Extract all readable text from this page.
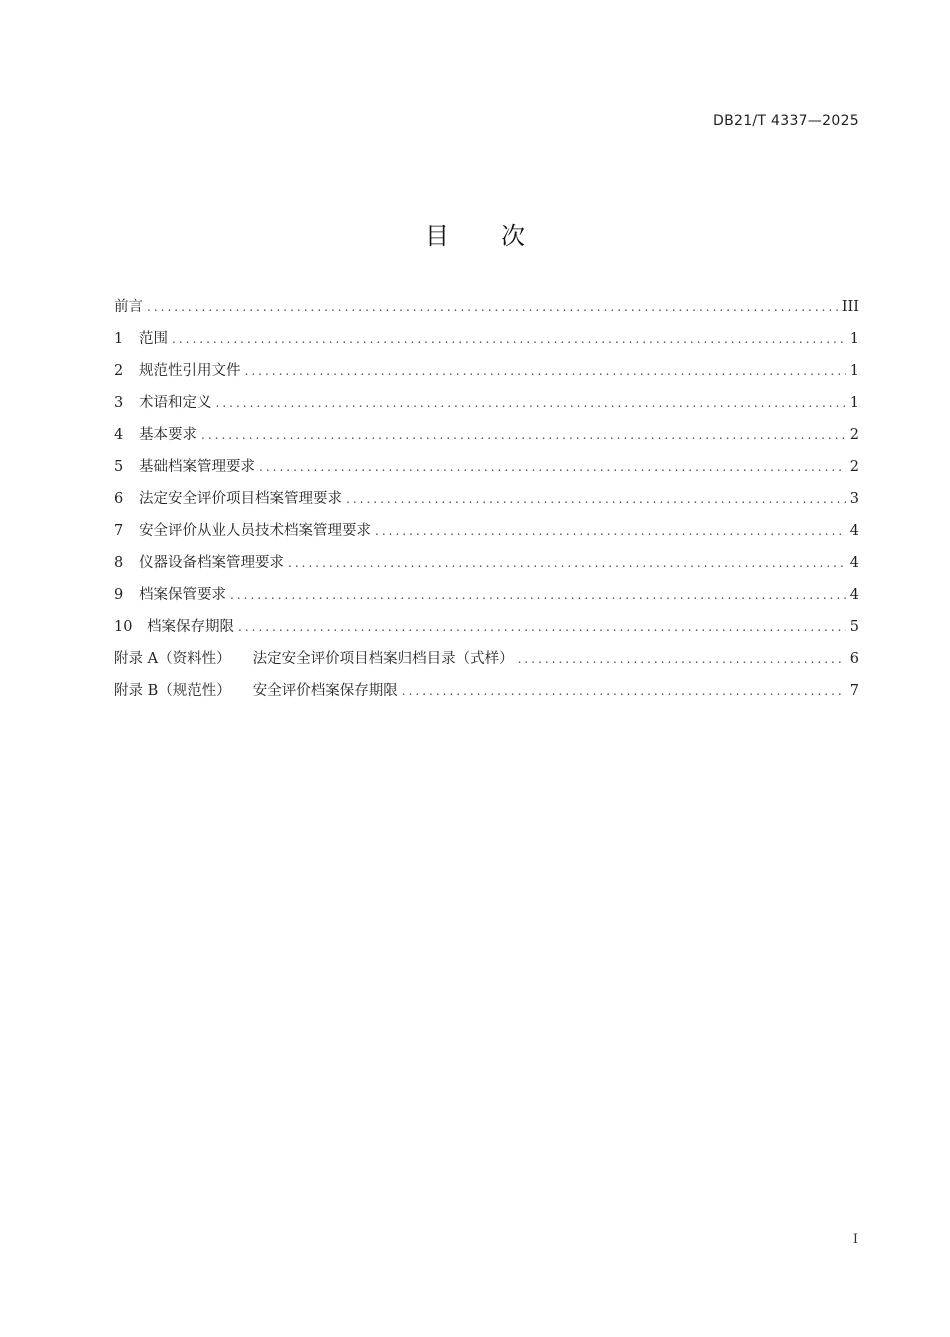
DB21/T 4337—2025
目次
前言 .....	III
1	范围 .....	1
2	规范性引用文件 .....	1
3	术语和定义 .....	1
4	基本要求 .....	2
5	基础档案管理要求 .....	2
6	法定安全评价项目档案管理要求 .....	3
7	安全评价从业人员技术档案管理要求 .....	4
8	仪器设备档案管理要求 .....	4
9	档案保管要求 .....	4
10	档案保存期限 .....	5
附录 A（资料性） 法定安全评价项目档案归档目录（式样） .....	6
附录 B（规范性） 安全评价档案保存期限 .....	7
I
